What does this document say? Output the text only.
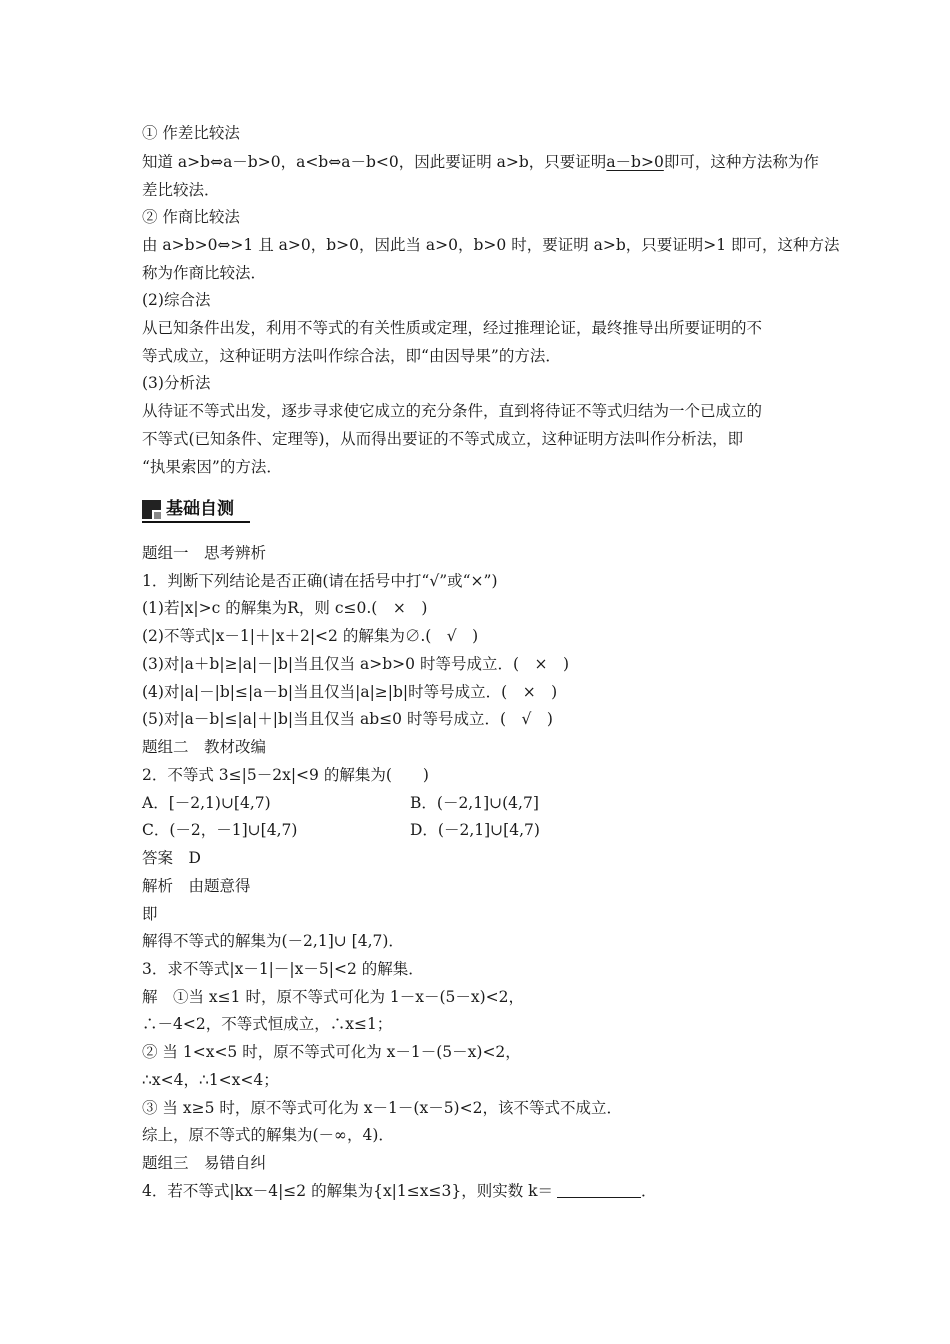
① 作差比较法
知道 a>b⇔a－b>0，a<b⇔a－b<0，因此要证明 a>b，只要证明a－b>0即可，这种方法称为作
差比较法．
② 作商比较法
由 a>b>0⇔>1 且 a>0，b>0，因此当 a>0，b>0 时，要证明 a>b，只要证明>1 即可，这种方法
称为作商比较法．
(2)综合法
从已知条件出发，利用不等式的有关性质或定理，经过推理论证，最终推导出所要证明的不
等式成立，这种证明方法叫作综合法，即“由因导果”的方法．
(3)分析法
从待证不等式出发，逐步寻求使它成立的充分条件，直到将待证不等式归结为一个已成立的
不等式(已知条件、定理等)，从而得出要证的不等式成立，这种证明方法叫作分析法，即
“执果索因”的方法．
基础自测
题组一　思考辨析
1．判断下列结论是否正确(请在括号中打“√”或“×”)
(1)若|x|>c 的解集为R，则 c≤0.(　×　)
(2)不等式|x－1|＋|x＋2|<2 的解集为∅.(　√　)
(3)对|a＋b|≥|a|－|b|当且仅当 a>b>0 时等号成立．(　×　)
(4)对|a|－|b|≤|a－b|当且仅当|a|≥|b|时等号成立．(　×　)
(5)对|a－b|≤|a|＋|b|当且仅当 ab≤0 时等号成立．(　√　)
题组二　教材改编
2．不等式 3≤|5－2x|<9 的解集为(　　)
A．[－2,1)∪[4,7)	B．(－2,1]∪(4,7]
C．(－2，－1]∪[4,7)	D．(－2,1]∪[4,7)
答案　D
解析　由题意得
即
解得不等式的解集为(－2,1]∪ [4,7)．
3．求不等式|x－1|－|x－5|<2 的解集．
解　①当 x≤1 时，原不等式可化为 1－x－(5－x)<2，
∴－4<2，不等式恒成立，∴x≤1；
② 当 1<x<5 时，原不等式可化为 x－1－(5－x)<2，
∴x<4，∴1<x<4；
③ 当 x≥5 时，原不等式可化为 x－1－(x－5)<2，该不等式不成立．
综上，原不等式的解集为(－∞，4)．
题组三　易错自纠
4．若不等式|kx－4|≤2 的解集为{x|1≤x≤3}，则实数 k＝	．
